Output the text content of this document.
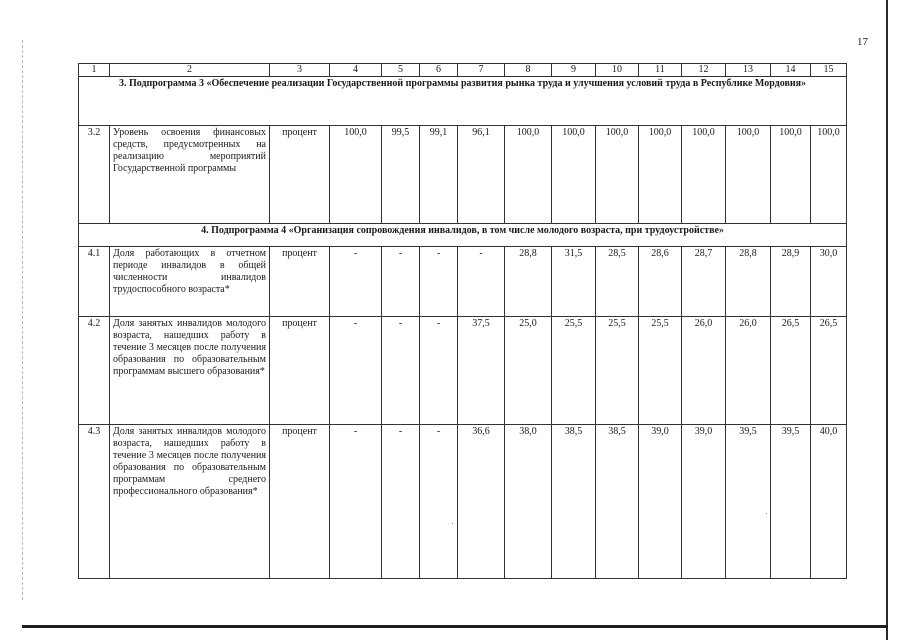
17
1	2	3	4	5	6	7	8	9	10	11	12	13	14	15
3. Подпрограмма 3 «Обеспечение реализации Государственной программы развития рынка труда и улучшения условий труда в Республике Мордовия»														
3.2	Уровень освоения финансовых средств, предусмотренных на реализацию мероприятий Государственной программы	процент	100,0	99,5	99,1	96,1	100,0	100,0	100,0	100,0	100,0	100,0	100,0	100,0
4. Подпрограмма 4 «Организация сопровождения инвалидов, в том числе молодого возраста, при трудоустройстве»														
4.1	Доля работающих в отчетном периоде инвалидов в общей численности инвалидов трудоспособного возраста*	процент	-	-	-	-	28,8	31,5	28,5	28,6	28,7	28,8	28,9	30,0
4.2	Доля занятых инвалидов молодого возраста, нашедших работу в течение 3 месяцев после получения образования по образовательным программам высшего образования*	процент	-	-	-	37,5	25,0	25,5	25,5	25,5	26,0	26,0	26,5	26,5
4.3	Доля занятых инвалидов молодого возраста, нашедших работу в течение 3 месяцев после получения образования по образовательным программам среднего профессионального образования*	процент	-	-	-	36,6	38,0	38,5	38,5	39,0	39,0	39,5	39,5	40,0
